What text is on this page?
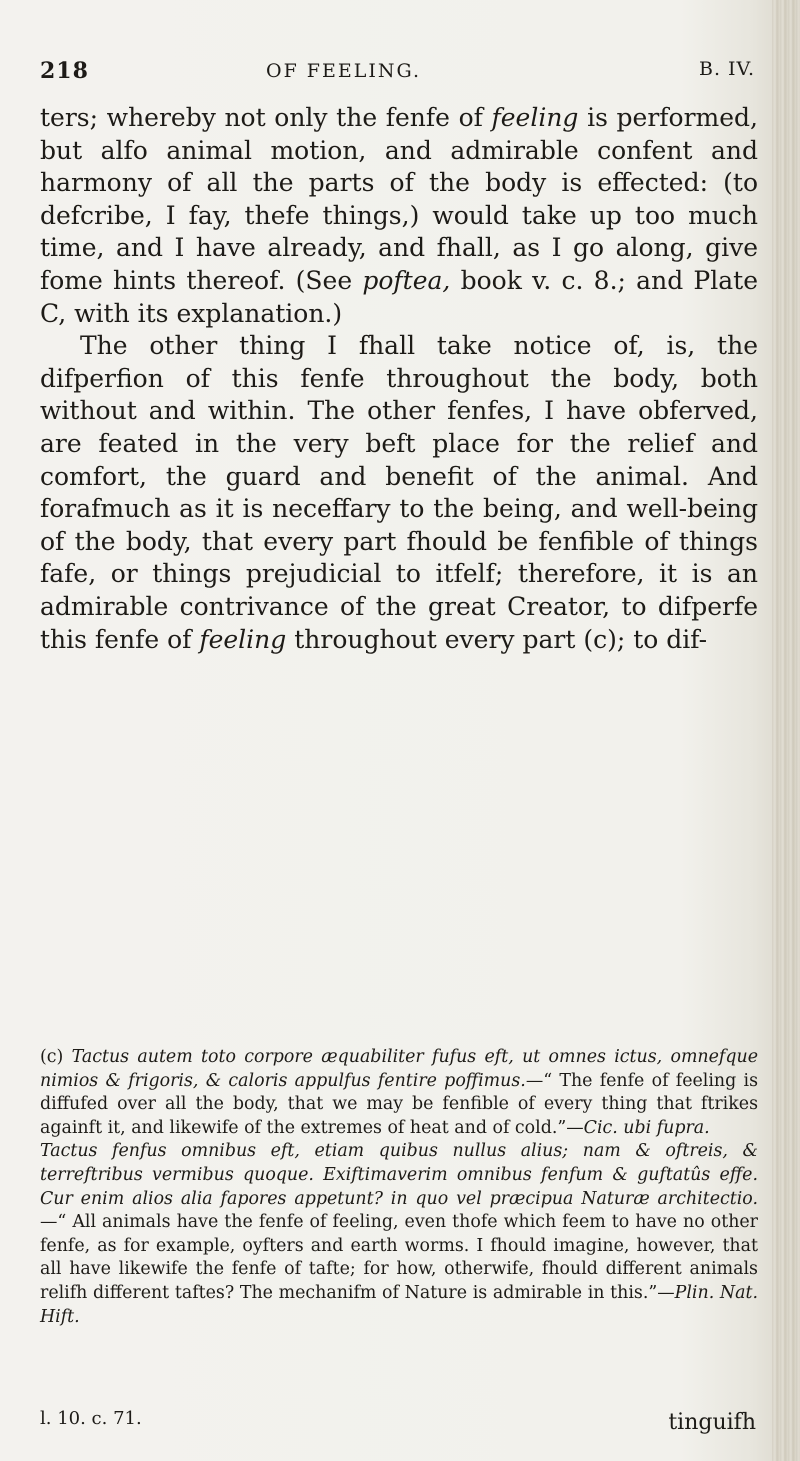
218	OF FEELING.	B. IV.

ters; whereby not only the fenfe of feeling is performed, but alfo animal motion, and admirable confent and harmony of all the parts of the body is effected: (to defcribe, I fay, thefe things,) would take up too much time, and I have already, and fhall, as I go along, give fome hints thereof. (See poftea, book v. c. 8.; and Plate C, with its explanation.)

The other thing I fhall take notice of, is, the difperfion of this fenfe throughout the body, both without and within. The other fenfes, I have obferved, are feated in the very beft place for the relief and comfort, the guard and benefit of the animal. And forafmuch as it is neceffary to the being, and well-being of the body, that every part fhould be fenfible of things fafe, or things prejudicial to itfelf; therefore, it is an admirable contrivance of the great Creator, to difperfe this fenfe of feeling throughout every part (c); to dif-

(c) Tactus autem toto corpore æquabiliter fufus eft, ut omnes ictus, omnefque nimios & frigoris, & caloris appulfus fentire poffimus.—“ The fenfe of feeling is diffufed over all the body, that we may be fenfible of every thing that ftrikes againft it, and likewife of the extremes of heat and of cold.”—Cic. ubi fupra.

Tactus fenfus omnibus eft, etiam quibus nullus alius; nam & oftreis, & terreftribus vermibus quoque. Exiftimaverim omnibus fenfum & guftatûs effe. Cur enim alios alia fapores appetunt? in quo vel præcipua Naturæ architectio.—“ All animals have the fenfe of feeling, even thofe which feem to have no other fenfe, as for example, oyfters and earth worms. I fhould imagine, however, that all have likewife the fenfe of tafte; for how, otherwife, fhould different animals relifh different taftes? The mechanifm of Nature is admirable in this.”—Plin. Nat. Hift.

l. 10. c. 71.	tinguifh
